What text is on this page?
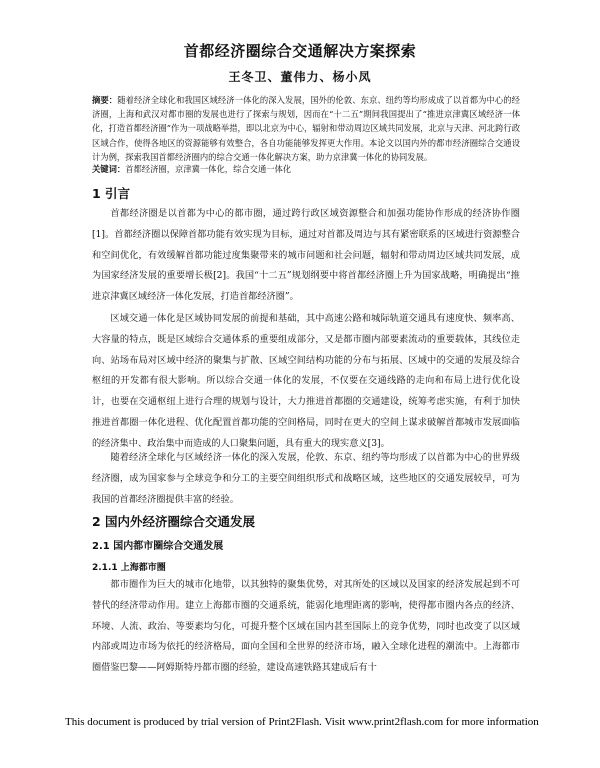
首都经济圈综合交通解决方案探索
王冬卫、董伟力、杨小凤
摘要：随着经济全球化和我国区域经济一体化的深入发展，国外的伦敦、东京、纽约等均形成成了以首都为中心的经济圈，上海和武汉对都市圈的发展也进行了探索与规划，因而在“十二五”期间我国提出了“推进京津冀区域经济一体化，打造首都经济圈”作为一项战略举措，即以北京为中心，辐射和带动周边区域共同发展，北京与天津、河北跨行政区域合作，使得各地区的资源能够有效整合，各自功能能够发挥更大作用。本论文以国内外的都市经济圈综合交通设计为例，探索我国首都经济圈内的综合交通一体化解决方案，助力京津冀一体化的协同发展。
关键词：首都经济圈，京津冀一体化，综合交通一体化
1 引言

首都经济圈是以首都为中心的都市圈，通过跨行政区域资源整合和加强功能协作形成的经济协作圈 [1]。首都经济圈以保障首都功能有效实现为目标，通过对首都及周边与其有紧密联系的区域进行资源整合和空间优化，有效缓解首都功能过度集聚带来的城市问题和社会问题，辐射和带动周边区域共同发展，成为国家经济发展的重要增长极[2]。我国“十二五”规划纲要中将首都经济圈上升为国家战略，明确提出“推进京津冀区域经济一体化发展，打造首都经济圈”。

区域交通一体化是区域协同发展的前提和基础，其中高速公路和城际轨道交通具有速度快、频率高、大容量的特点，既是区域综合交通体系的重要组成部分，又是都市圈内部要素流动的重要载体，其线位走向、站场布局对区域中经济的聚集与扩散、区域空间结构功能的分布与拓展、区域中的交通的发展及综合枢纽的开发都有很大影响。所以综合交通一体化的发展，不仅要在交通线路的走向和布局上进行优化设计，也要在交通枢纽上进行合理的规划与设计，大力推进首都圈的交通建设，统筹考虑实施，有利于加快推进首都圈一体化进程、优化配置首都功能的空间格局，同时在更大的空间上谋求破解首都城市发展面临的经济集中、政治集中而造成的人口聚集问题，具有重大的现实意义[3]。

随着经济全球化与区域经济一体化的深入发展，伦敦、东京、纽约等均形成了以首都为中心的世界级经济圈，成为国家参与全球竞争和分工的主要空间组织形式和战略区域，这些地区的交通发展较早，可为我国的首都经济圈提供丰富的经验。

2 国内外经济圈综合交通发展
2.1 国内都市圈综合交通发展
2.1.1 上海都市圈

都市圈作为巨大的城市化地带，以其独特的聚集优势，对其所处的区域以及国家的经济发展起到不可替代的经济带动作用。建立上海都市圈的交通系统，能弱化地理距离的影响，使得都市圈内各点的经济、环境、人流、政治、等要素均匀化，可提升整个区域在国内甚至国际上的竞争优势，同时也改变了以区域内部或周边市场为依托的经济格局，面向全国和全世界的经济市场，融入全球化进程的潮流中。上海都市圈借鉴巴黎——阿姆斯特丹都市圈的经验，建设高速铁路其建成后有十

This document is produced by trial version of Print2Flash. Visit www.print2flash.com for more information
